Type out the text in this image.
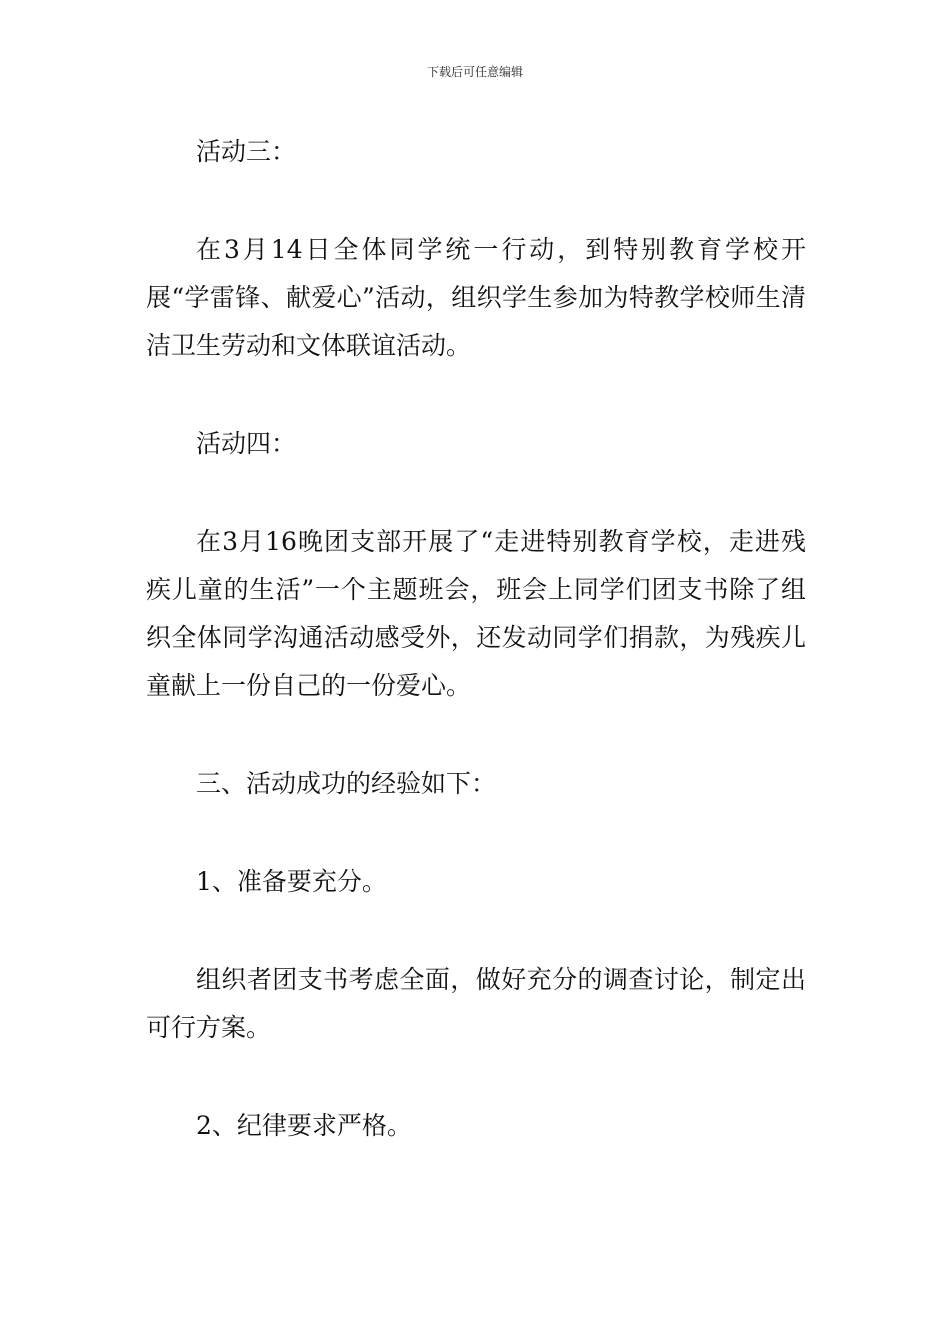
下载后可任意编辑

活动三：

在3月14日全体同学统一行动，到特别教育学校开展“学雷锋、献爱心”活动，组织学生参加为特教学校师生清洁卫生劳动和文体联谊活动。

活动四：

在3月16晚团支部开展了“走进特别教育学校，走进残疾儿童的生活”一个主题班会，班会上同学们团支书除了组织全体同学沟通活动感受外，还发动同学们捐款，为残疾儿童献上一份自己的一份爱心。

三、活动成功的经验如下：

1、准备要充分。

组织者团支书考虑全面，做好充分的调查讨论，制定出可行方案。

2、纪律要求严格。
